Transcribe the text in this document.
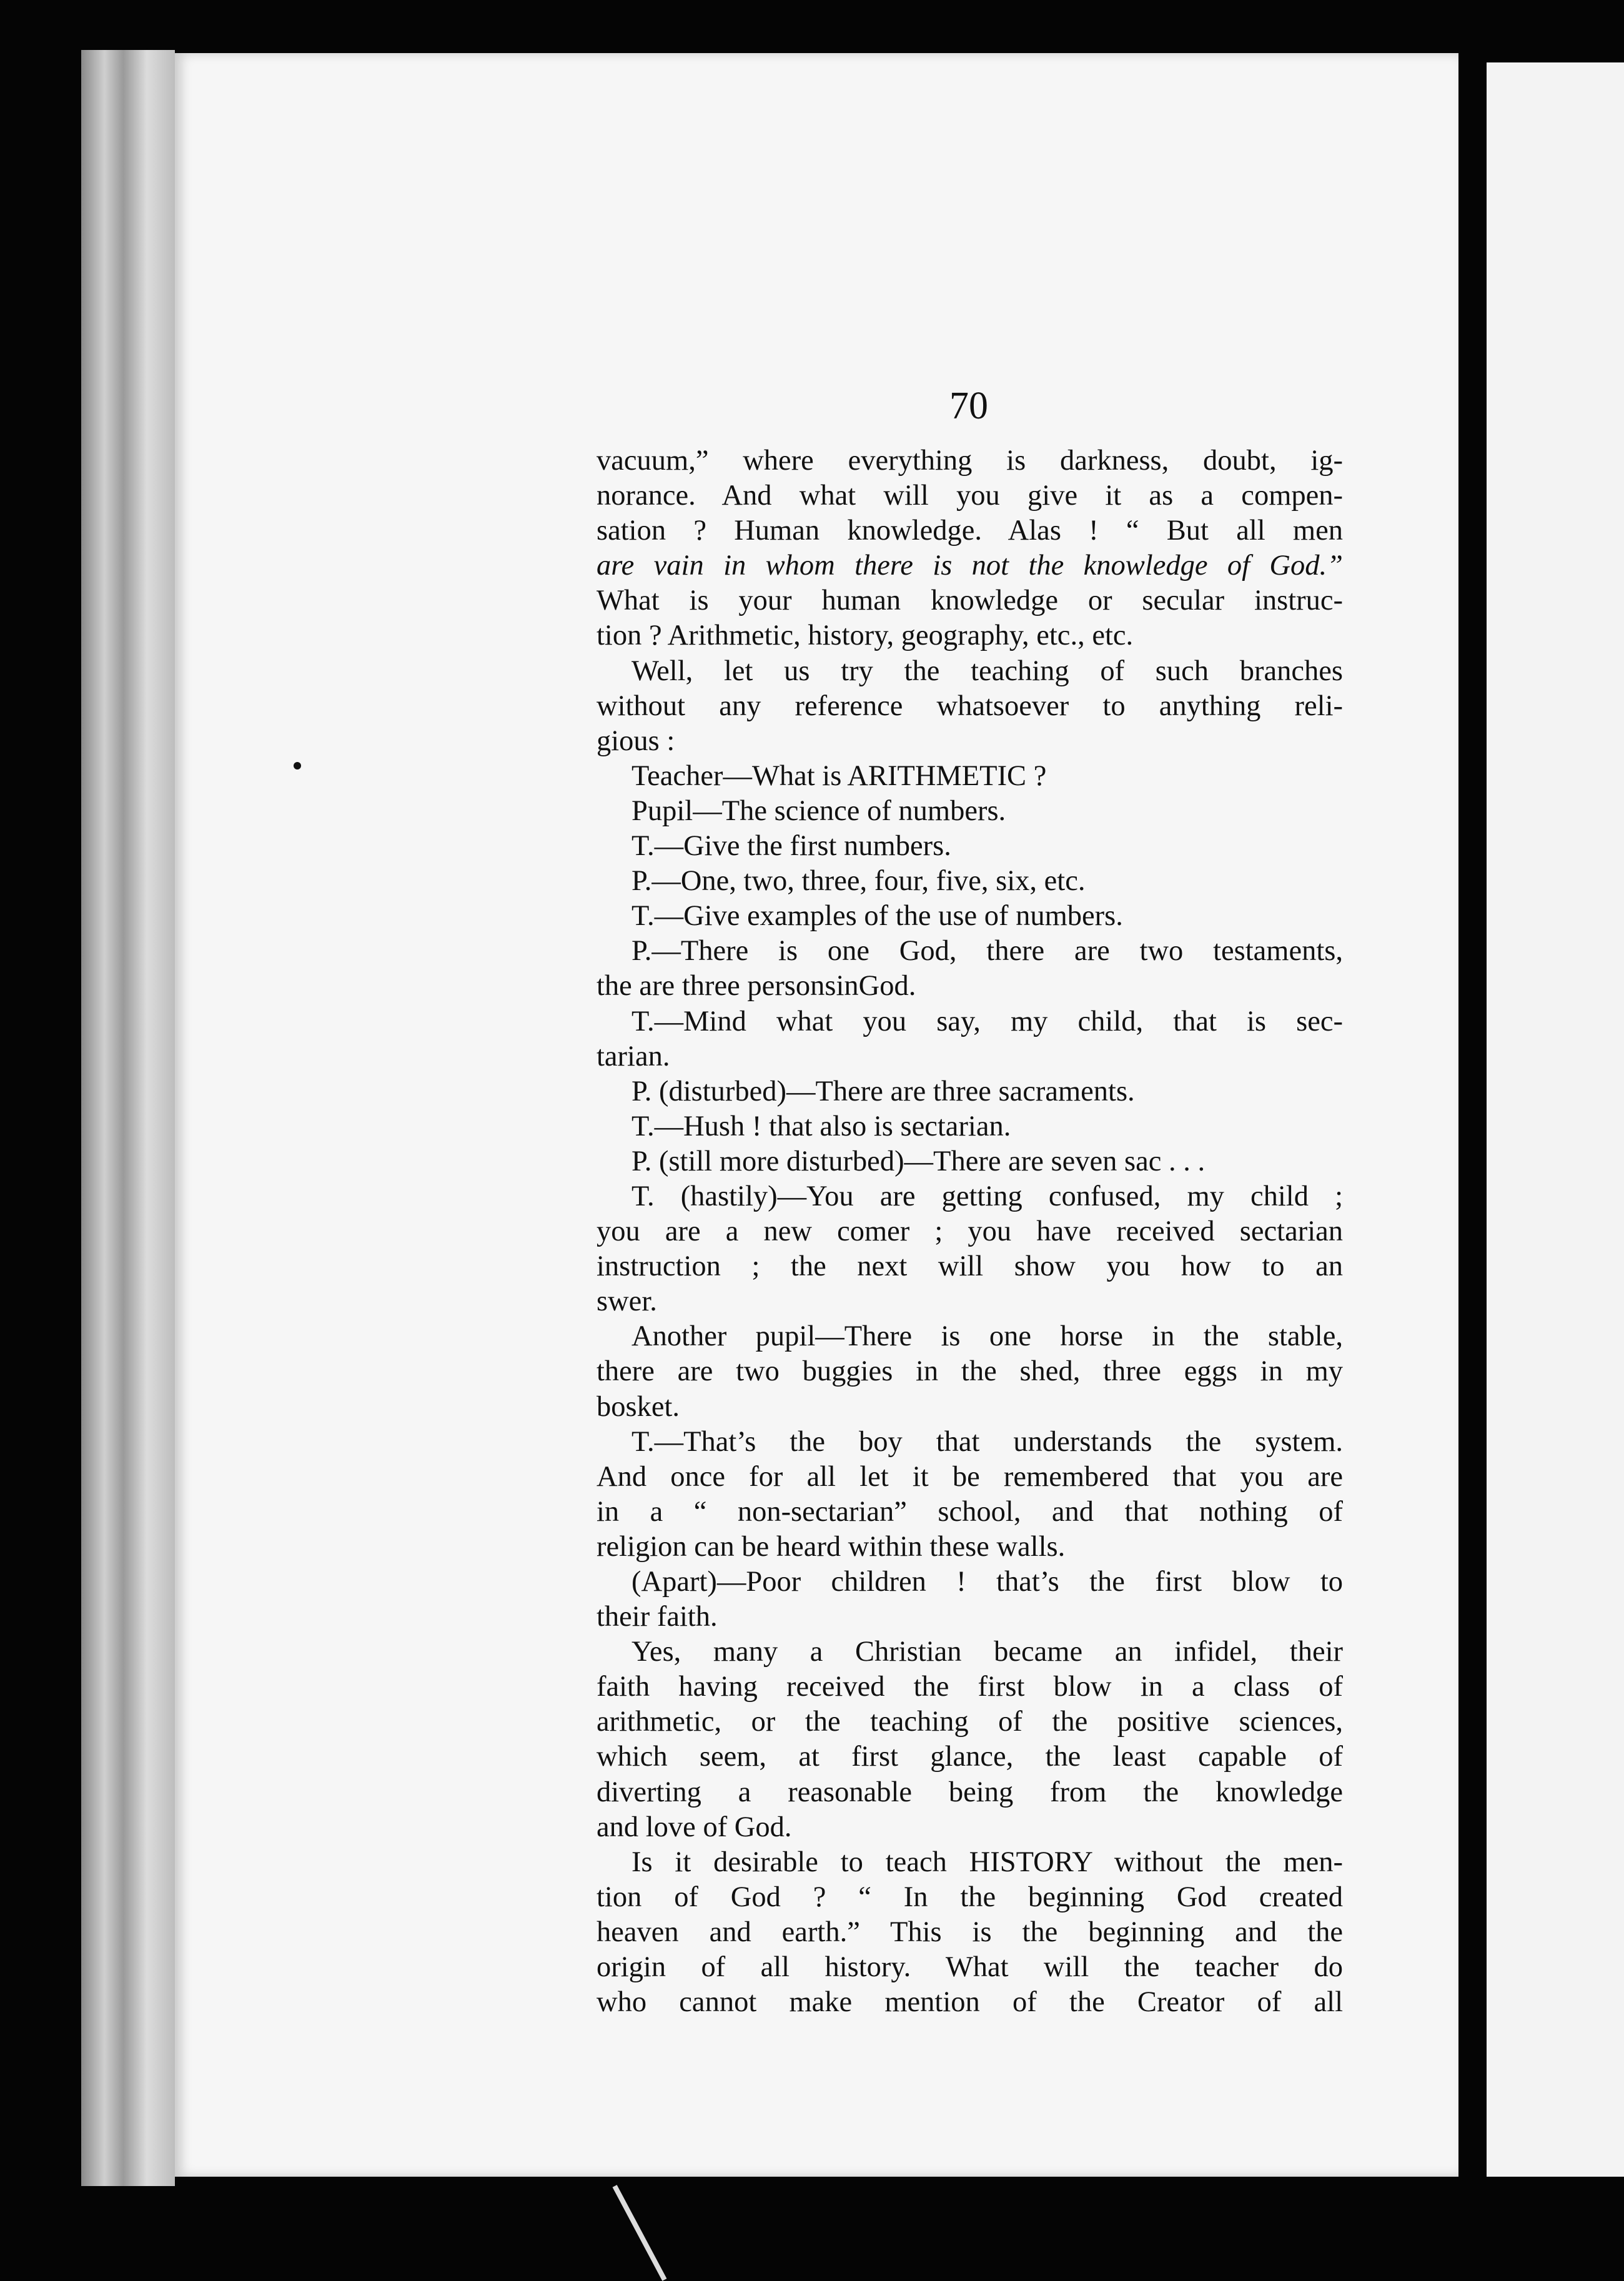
70
vacuum,” where everything is darkness, doubt, ig-
norance. And what will you give it as a compen-
sation ? Human knowledge. Alas ! “ But all men
are vain in whom there is not the knowledge of God.”
What is your human knowledge or secular instruc-
tion ? Arithmetic, history, geography, etc., etc.
Well, let us try the teaching of such branches
without any reference whatsoever to anything reli-
gious :
Teacher—What is ARITHMETIC ?
Pupil—The science of numbers.
T.—Give the first numbers.
P.—One, two, three, four, five, six, etc.
T.—Give examples of the use of numbers.
P.—There is one God, there are two testaments,
the are three personsinGod.
T.—Mind what you say, my child, that is sec-
tarian.
P. (disturbed)—There are three sacraments.
T.—Hush ! that also is sectarian.
P. (still more disturbed)—There are seven sac . . .
T. (hastily)—You are getting confused, my child ;
you are a new comer ; you have received sectarian
instruction ; the next will show you how to an
swer.
Another pupil—There is one horse in the stable,
there are two buggies in the shed, three eggs in my
bosket.
T.—That’s the boy that understands the system.
And once for all let it be remembered that you are
in a “ non-sectarian” school, and that nothing of
religion can be heard within these walls.
(Apart)—Poor children ! that’s the first blow to
their faith.
Yes, many a Christian became an infidel, their
faith having received the first blow in a class of
arithmetic, or the teaching of the positive sciences,
which seem, at first glance, the least capable of
diverting a reasonable being from the knowledge
and love of God.
Is it desirable to teach HISTORY without the men-
tion of God ? “ In the beginning God created
heaven and earth.” This is the beginning and the
origin of all history. What will the teacher do
who cannot make mention of the Creator of all
